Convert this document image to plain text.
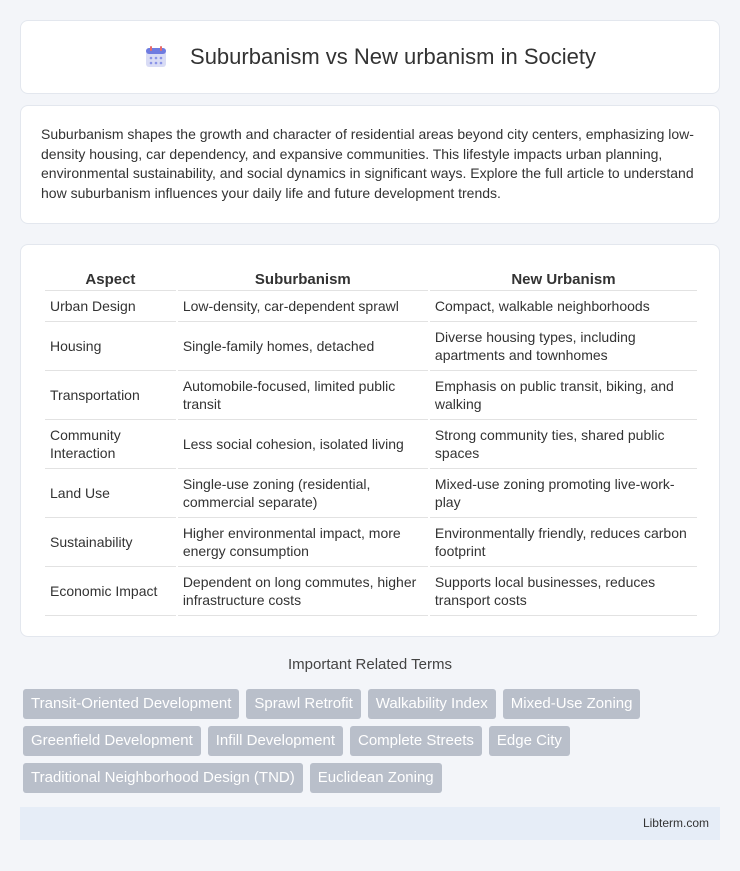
Suburbanism vs New urbanism in Society

Suburbanism shapes the growth and character of residential areas beyond city centers, emphasizing low-density housing, car dependency, and expansive communities. This lifestyle impacts urban planning, environmental sustainability, and social dynamics in significant ways. Explore the full article to understand how suburbanism influences your daily life and future development trends.

Aspect	Suburbanism	New Urbanism
Urban Design	Low-density, car-dependent sprawl	Compact, walkable neighborhoods
Housing	Single-family homes, detached	Diverse housing types, including apartments and townhomes
Transportation	Automobile-focused, limited public transit	Emphasis on public transit, biking, and walking
Community Interaction	Less social cohesion, isolated living	Strong community ties, shared public spaces
Land Use	Single-use zoning (residential, commercial separate)	Mixed-use zoning promoting live-work-play
Sustainability	Higher environmental impact, more energy consumption	Environmentally friendly, reduces carbon footprint
Economic Impact	Dependent on long commutes, higher infrastructure costs	Supports local businesses, reduces transport costs
Important Related Terms
Transit-Oriented Development	Sprawl Retrofit	Walkability Index	Mixed-Use Zoning
Greenfield Development	Infill Development	Complete Streets	Edge City
Traditional Neighborhood Design (TND)	Euclidean Zoning
Libterm.com
